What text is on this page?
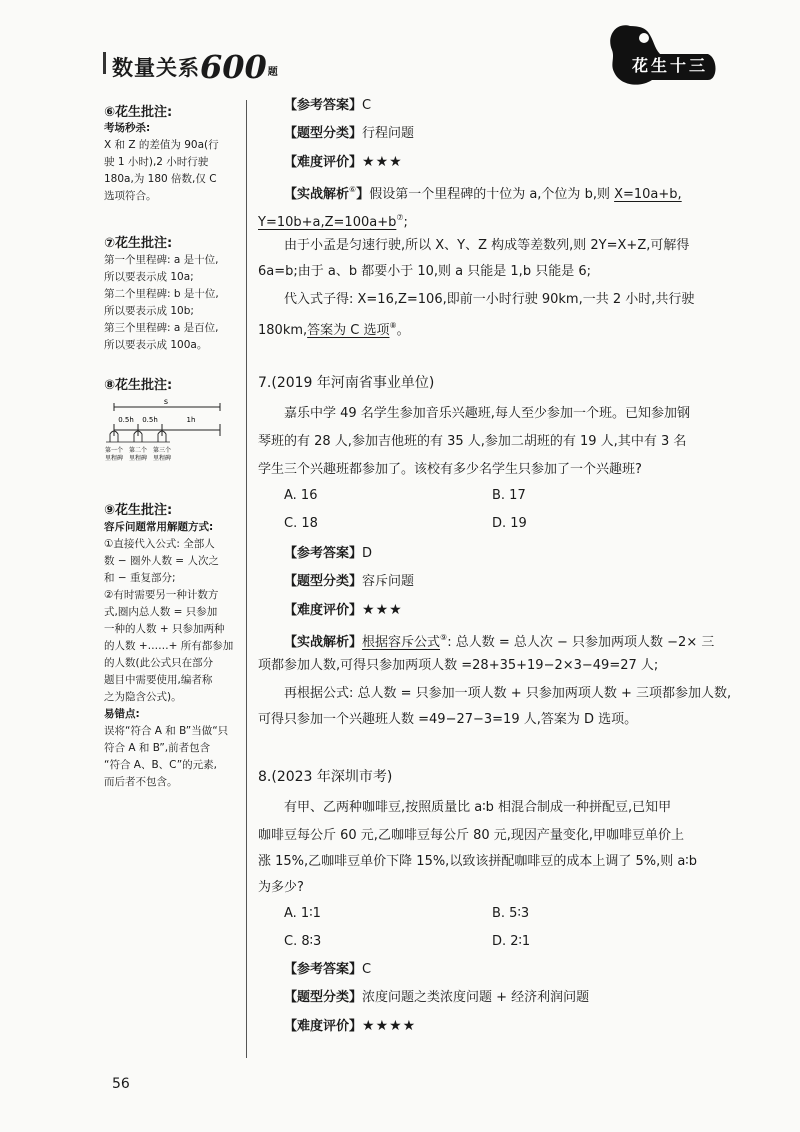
数量关系600题	花生十三
⑥花生批注:
考场秒杀:
X 和 Z 的差值为 90a(行
驶 1 小时),2 小时行驶
180a,为 180 倍数,仅 C
选项符合。
⑦花生批注:
第一个里程碑: a 是十位,
所以要表示成 10a;
第二个里程碑: b 是十位,
所以要表示成 10b;
第三个里程碑: a 是百位,
所以要表示成 100a。
⑧花生批注:
s
0.5h 0.5h	1h
第一个 第二个 第三个
里程碑 里程碑 里程碑
⑨花生批注:
容斥问题常用解题方式:
①直接代入公式: 全部人
数 − 圈外人数 = 人次之
和 − 重复部分;
②有时需要另一种计数方
式,圈内总人数 = 只参加
一种的人数 + 只参加两种
的人数 +……+ 所有都参加
的人数(此公式只在部分
题目中需要使用,编者称
之为隐含公式)。
易错点:
误将“符合 A 和 B”当做“只
符合 A 和 B”,前者包含
“符合 A、B、C”的元素,
而后者不包含。
【参考答案】C
【题型分类】行程问题
【难度评价】★★★
【实战解析⑥】假设第一个里程碑的十位为 a,个位为 b,则 X=10a+b,
Y=10b+a,Z=100a+b⑦;
由于小孟是匀速行驶,所以 X、Y、Z 构成等差数列,则 2Y=X+Z,可解得
6a=b;由于 a、b 都要小于 10,则 a 只能是 1,b 只能是 6;
代入式子得: X=16,Z=106,即前一小时行驶 90km,一共 2 小时,共行驶
180km,答案为 C 选项⑧。
7.(2019 年河南省事业单位)
嘉乐中学 49 名学生参加音乐兴趣班,每人至少参加一个班。已知参加钢
琴班的有 28 人,参加吉他班的有 35 人,参加二胡班的有 19 人,其中有 3 名
学生三个兴趣班都参加了。该校有多少名学生只参加了一个兴趣班?
A. 16	B. 17
C. 18	D. 19
【参考答案】D
【题型分类】容斥问题
【难度评价】★★★
【实战解析】根据容斥公式⑨: 总人数 = 总人次 − 只参加两项人数 −2× 三
项都参加人数,可得只参加两项人数 =28+35+19−2×3−49=27 人;
再根据公式: 总人数 = 只参加一项人数 + 只参加两项人数 + 三项都参加人数,
可得只参加一个兴趣班人数 =49−27−3=19 人,答案为 D 选项。
8.(2023 年深圳市考)
有甲、乙两种咖啡豆,按照质量比 a∶b 相混合制成一种拼配豆,已知甲
咖啡豆每公斤 60 元,乙咖啡豆每公斤 80 元,现因产量变化,甲咖啡豆单价上
涨 15%,乙咖啡豆单价下降 15%,以致该拼配咖啡豆的成本上调了 5%,则 a∶b
为多少?
A. 1∶1	B. 5∶3
C. 8∶3	D. 2∶1
【参考答案】C
【题型分类】浓度问题之类浓度问题 + 经济利润问题
【难度评价】★★★★
56
